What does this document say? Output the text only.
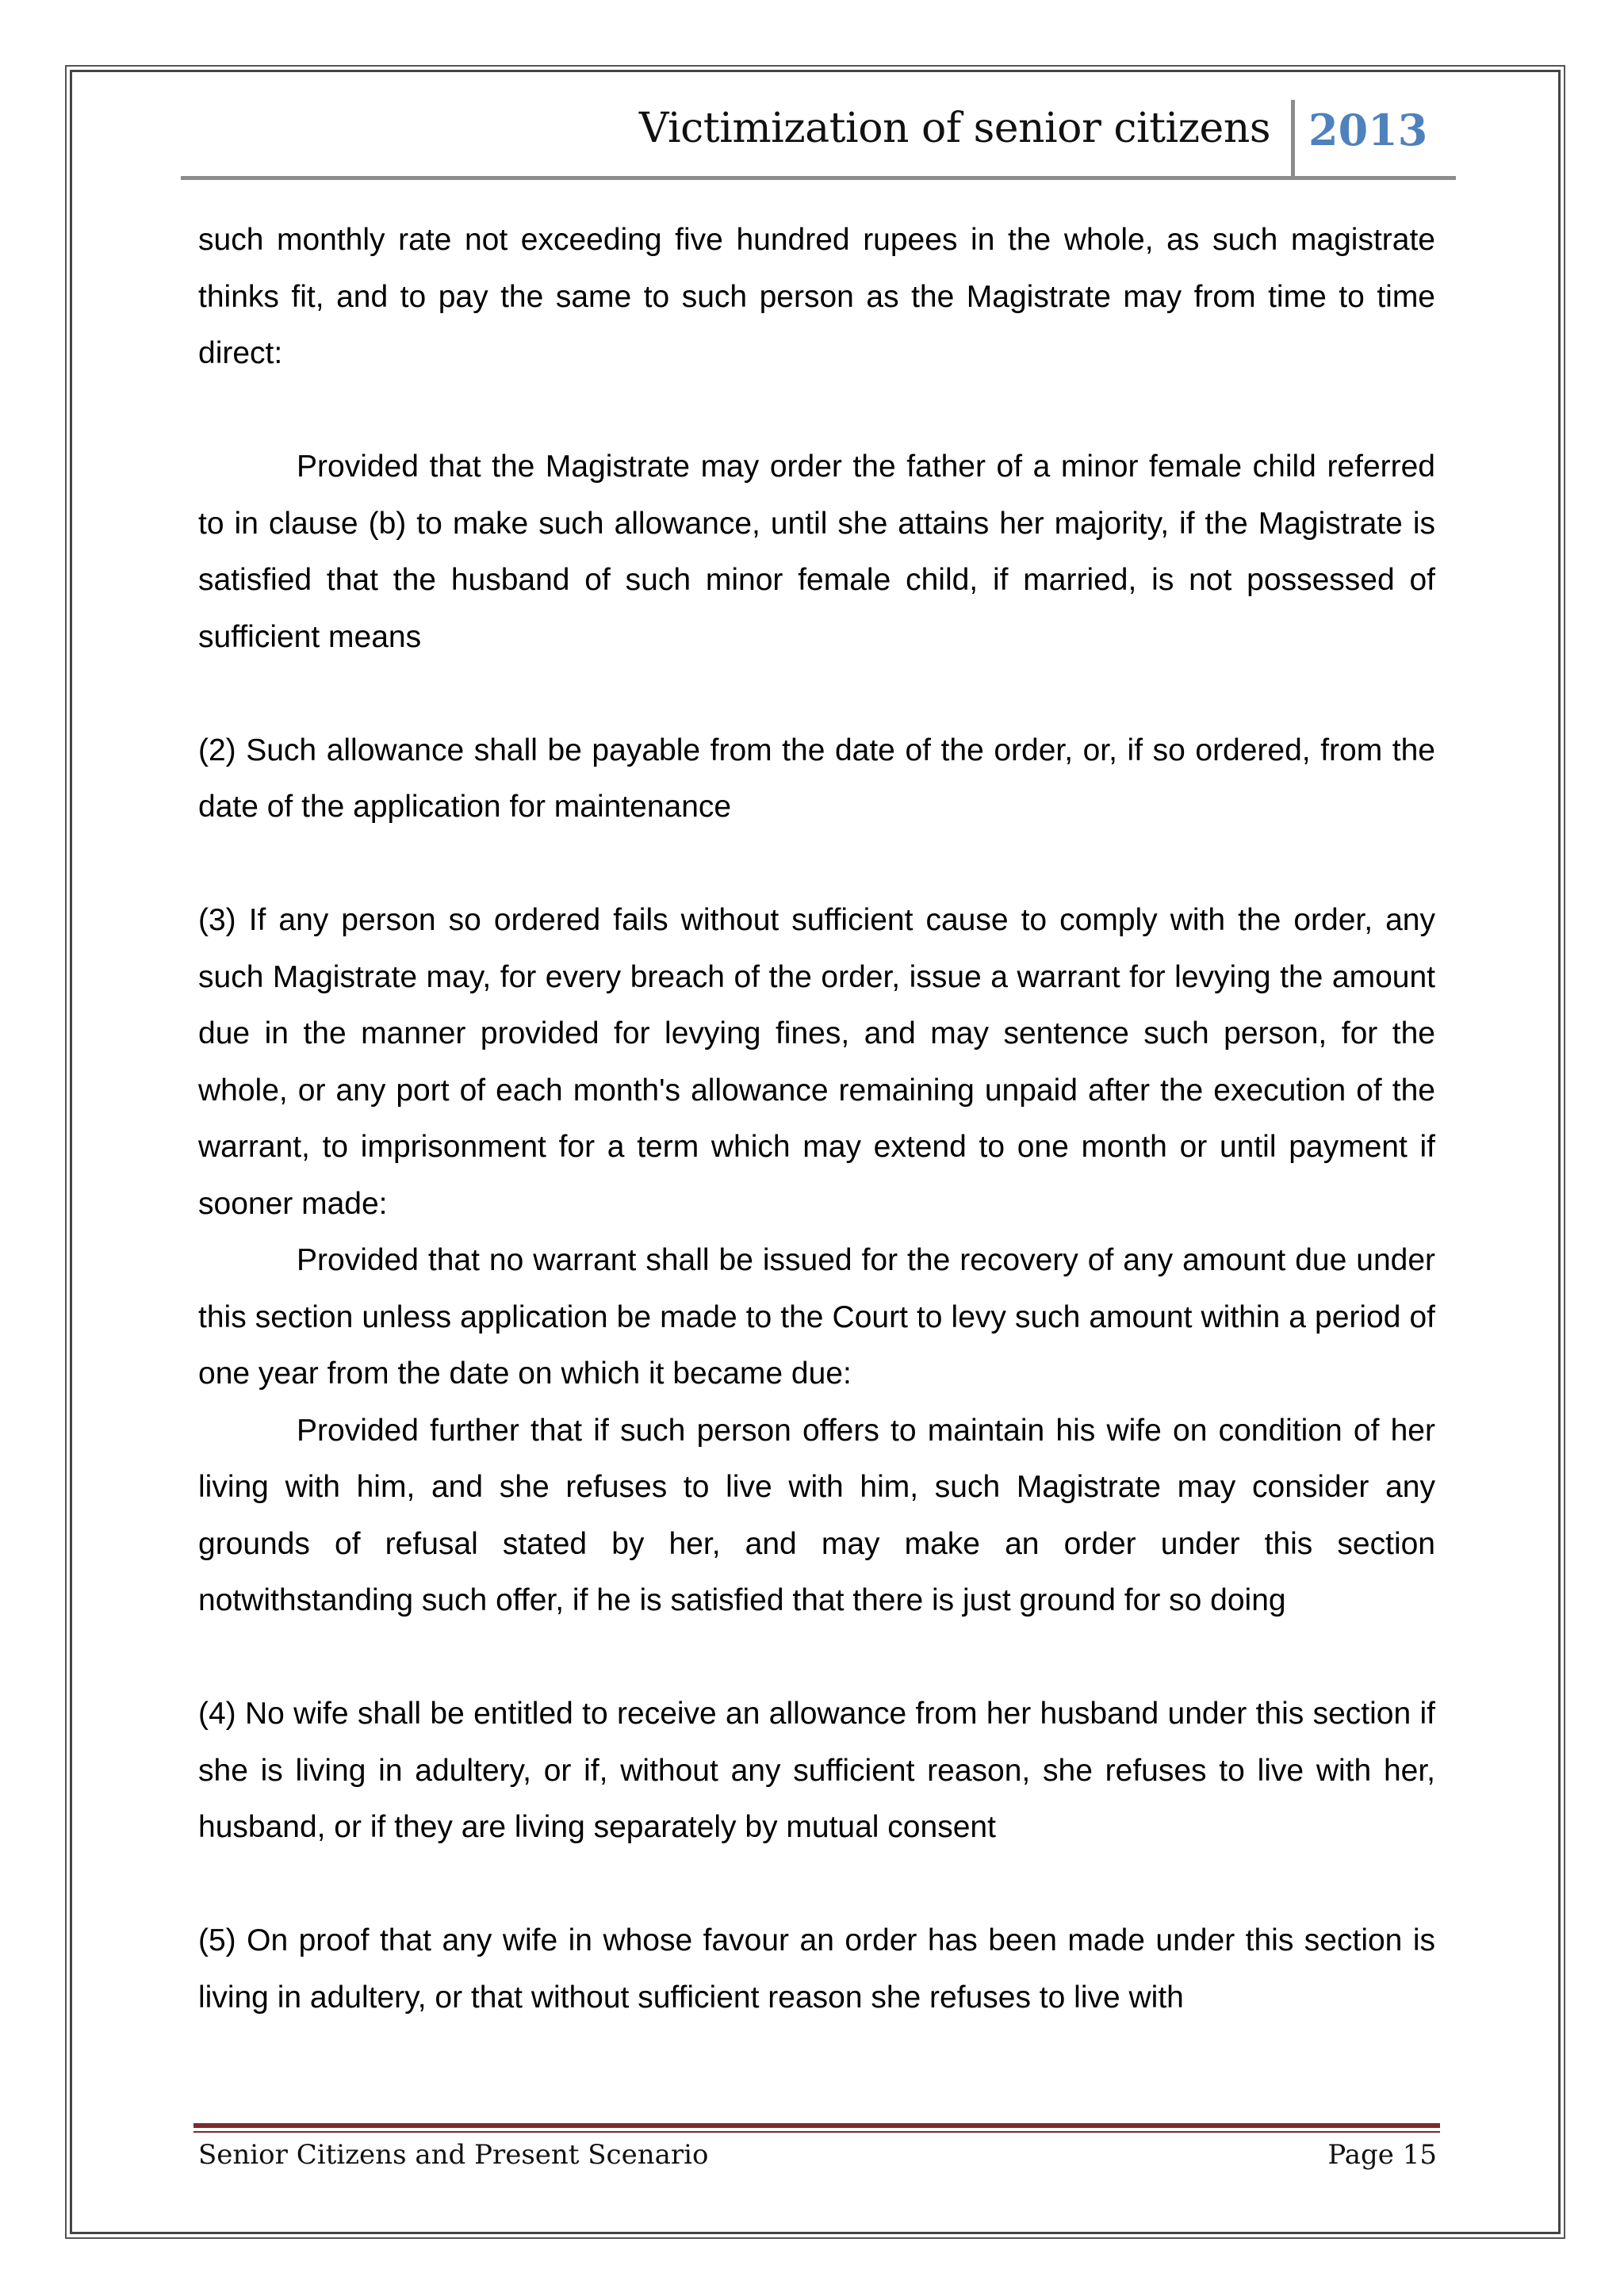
Victimization of senior citizens 2013

such monthly rate not exceeding five hundred rupees in the whole, as such magistrate thinks fit, and to pay the same to such person as the Magistrate may from time to time direct:

Provided that the Magistrate may order the father of a minor female child referred to in clause (b) to make such allowance, until she attains her majority, if the Magistrate is satisfied that the husband of such minor female child, if married, is not possessed of sufficient means

(2) Such allowance shall be payable from the date of the order, or, if so ordered, from the date of the application for maintenance

(3) If any person so ordered fails without sufficient cause to comply with the order, any such Magistrate may, for every breach of the order, issue a warrant for levying the amount due in the manner provided for levying fines, and may sentence such person, for the whole, or any port of each month's allowance remaining unpaid after the execution of the warrant, to imprisonment for a term which may extend to one month or until payment if sooner made:

Provided that no warrant shall be issued for the recovery of any amount due under this section unless application be made to the Court to levy such amount within a period of one year from the date on which it became due:

Provided further that if such person offers to maintain his wife on condition of her living with him, and she refuses to live with him, such Magistrate may consider any grounds of refusal stated by her, and may make an order under this section notwithstanding such offer, if he is satisfied that there is just ground for so doing

(4) No wife shall be entitled to receive an allowance from her husband under this section if she is living in adultery, or if, without any sufficient reason, she refuses to live with her, husband, or if they are living separately by mutual consent

(5) On proof that any wife in whose favour an order has been made under this section is living in adultery, or that without sufficient reason she refuses to live with

Senior Citizens and Present Scenario	Page 15
